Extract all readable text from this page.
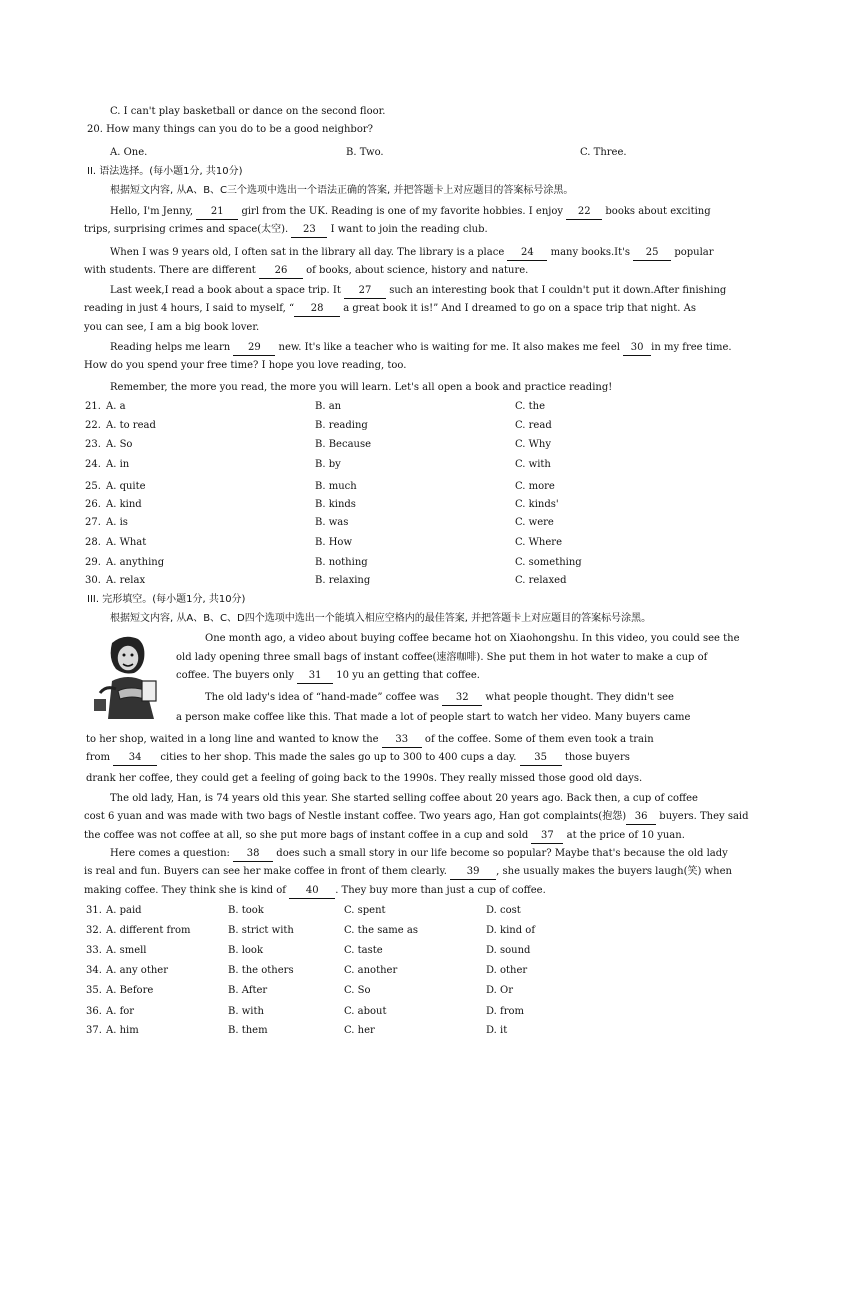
C. I can't play basketball or dance on the second floor.
20. How many things can you do to be a good neighbor?
A. One.	B. Two.	C. Three.
II. 语法选择。(每小题1分, 共10分)
根据短文内容, 从A、B、C三个选项中选出一个语法正确的答案, 并把答题卡上对应题目的答案标号涂黑。
Hello, I'm Jenny, 21 girl from the UK. Reading is one of my favorite hobbies. I enjoy 22 books about exciting
trips, surprising crimes and space(太空). 23 I want to join the reading club.
When I was 9 years old, I often sat in the library all day. The library is a place 24 many books.It's 25 popular
with students. There are different 26 of books, about science, history and nature.
Last week,I read a book about a space trip. It 27 such an interesting book that I couldn't put it down.After finishing
reading in just 4 hours, I said to myself, “ 28 a great book it is!” And I dreamed to go on a space trip that night. As
you can see, I am a big book lover.
Reading helps me learn 29 new. It's like a teacher who is waiting for me. It also makes me feel 30 in my free time.
How do you spend your free time? I hope you love reading, too.
Remember, the more you read, the more you will learn. Let's all open a book and practice reading!
21. A. a	B. an	C. the
22. A. to read	B. reading	C. read
23. A. So	B. Because	C. Why
24. A. in	B. by	C. with
25. A. quite	B. much	C. more
26. A. kind	B. kinds	C. kinds'
27. A. is	B. was	C. were
28. A. What	B. How	C. Where
29. A. anything	B. nothing	C. something
30. A. relax	B. relaxing	C. relaxed
III. 完形填空。(每小题1分, 共10分)
根据短文内容, 从A、B、C、D四个选项中选出一个能填入相应空格内的最佳答案, 并把答题卡上对应题目的答案标号涂黑。
One month ago, a video about buying coffee became hot on Xiaohongshu. In this video, you could see the
old lady opening three small bags of instant coffee(速溶咖啡). She put them in hot water to make a cup of
coffee. The buyers only 31 10 yu an getting that coffee.
The old lady's idea of “hand-made” coffee was 32 what people thought. They didn't see
a person make coffee like this. That made a lot of people start to watch her video. Many buyers came
to her shop, waited in a long line and wanted to know the 33 of the coffee. Some of them even took a train
from 34 cities to her shop. This made the sales go up to 300 to 400 cups a day. 35 those buyers
drank her coffee, they could get a feeling of going back to the 1990s. They really missed those good old days.
The old lady, Han, is 74 years old this year. She started selling coffee about 20 years ago. Back then, a cup of coffee
cost 6 yuan and was made with two bags of Nestle instant coffee. Two years ago, Han got complaints(抱怨) 36 buyers. They said
the coffee was not coffee at all, so she put more bags of instant coffee in a cup and sold 37 at the price of 10 yuan.
Here comes a question: 38 does such a small story in our life become so popular? Maybe that's because the old lady
is real and fun. Buyers can see her make coffee in front of them clearly. 39 , she usually makes the buyers laugh(笑) when
making coffee. They think she is kind of 40 . They buy more than just a cup of coffee.
31. A. paid	B. took	C. spent	D. cost
32. A. different from	B. strict with	C. the same as	D. kind of
33. A. smell	B. look	C. taste	D. sound
34. A. any other	B. the others	C. another	D. other
35. A. Before	B. After	C. So	D. Or
36. A. for	B. with	C. about	D. from
37. A. him	B. them	C. her	D. it
